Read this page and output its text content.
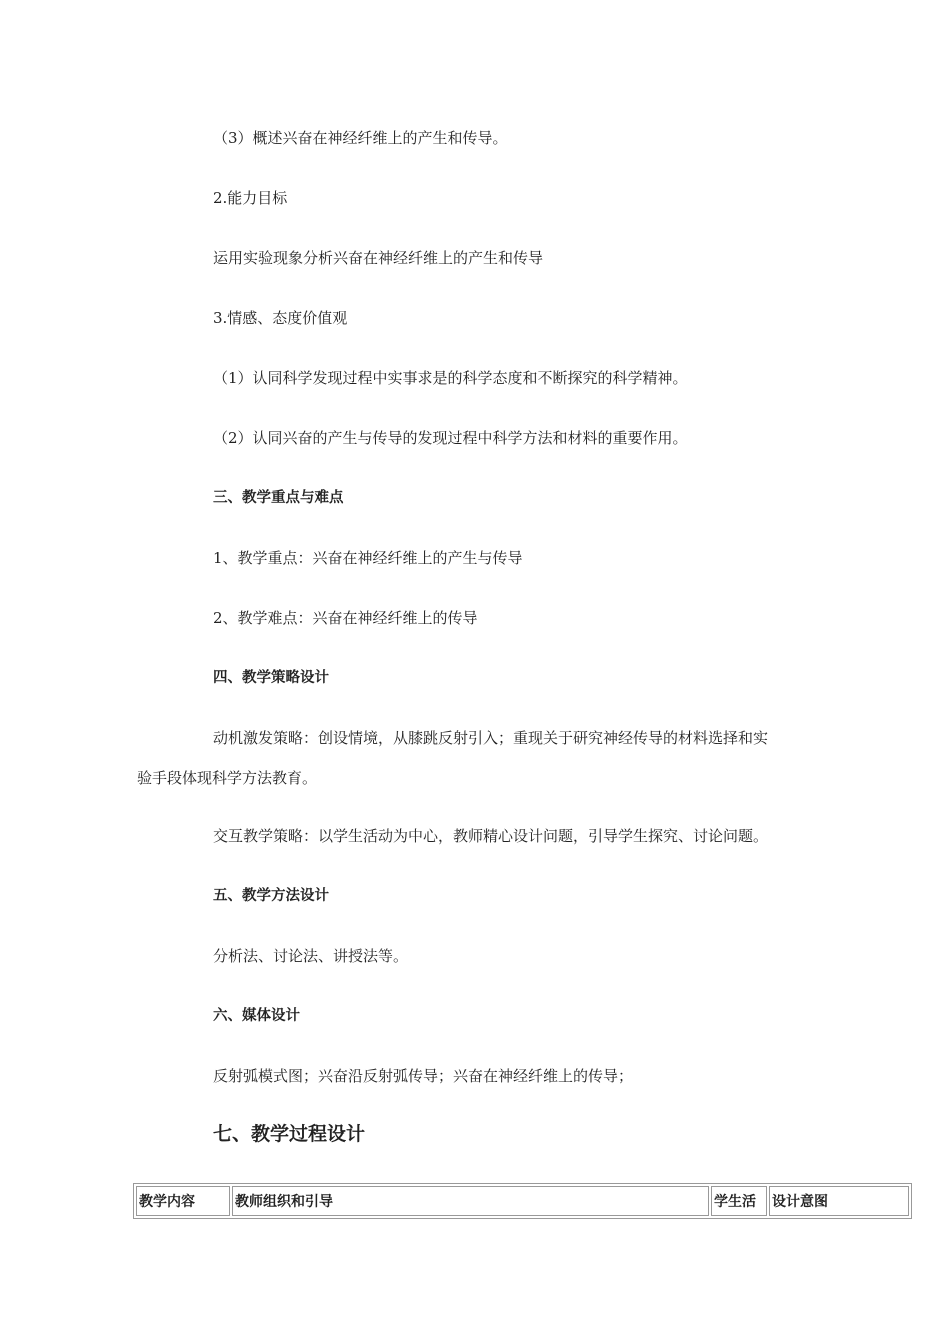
（3）概述兴奋在神经纤维上的产生和传导。
2.能力目标
运用实验现象分析兴奋在神经纤维上的产生和传导
3.情感、态度价值观
（1）认同科学发现过程中实事求是的科学态度和不断探究的科学精神。
（2）认同兴奋的产生与传导的发现过程中科学方法和材料的重要作用。
三、教学重点与难点
1、教学重点：兴奋在神经纤维上的产生与传导
2、教学难点：兴奋在神经纤维上的传导
四、教学策略设计
动机激发策略：创设情境，从膝跳反射引入；重现关于研究神经传导的材料选择和实
验手段体现科学方法教育。
交互教学策略：以学生活动为中心，教师精心设计问题，引导学生探究、讨论问题。
五、教学方法设计
分析法、讨论法、讲授法等。
六、媒体设计
反射弧模式图；兴奋沿反射弧传导；兴奋在神经纤维上的传导；
七、教学过程设计
教学内容	教师组织和引导	学生活	设计意图
